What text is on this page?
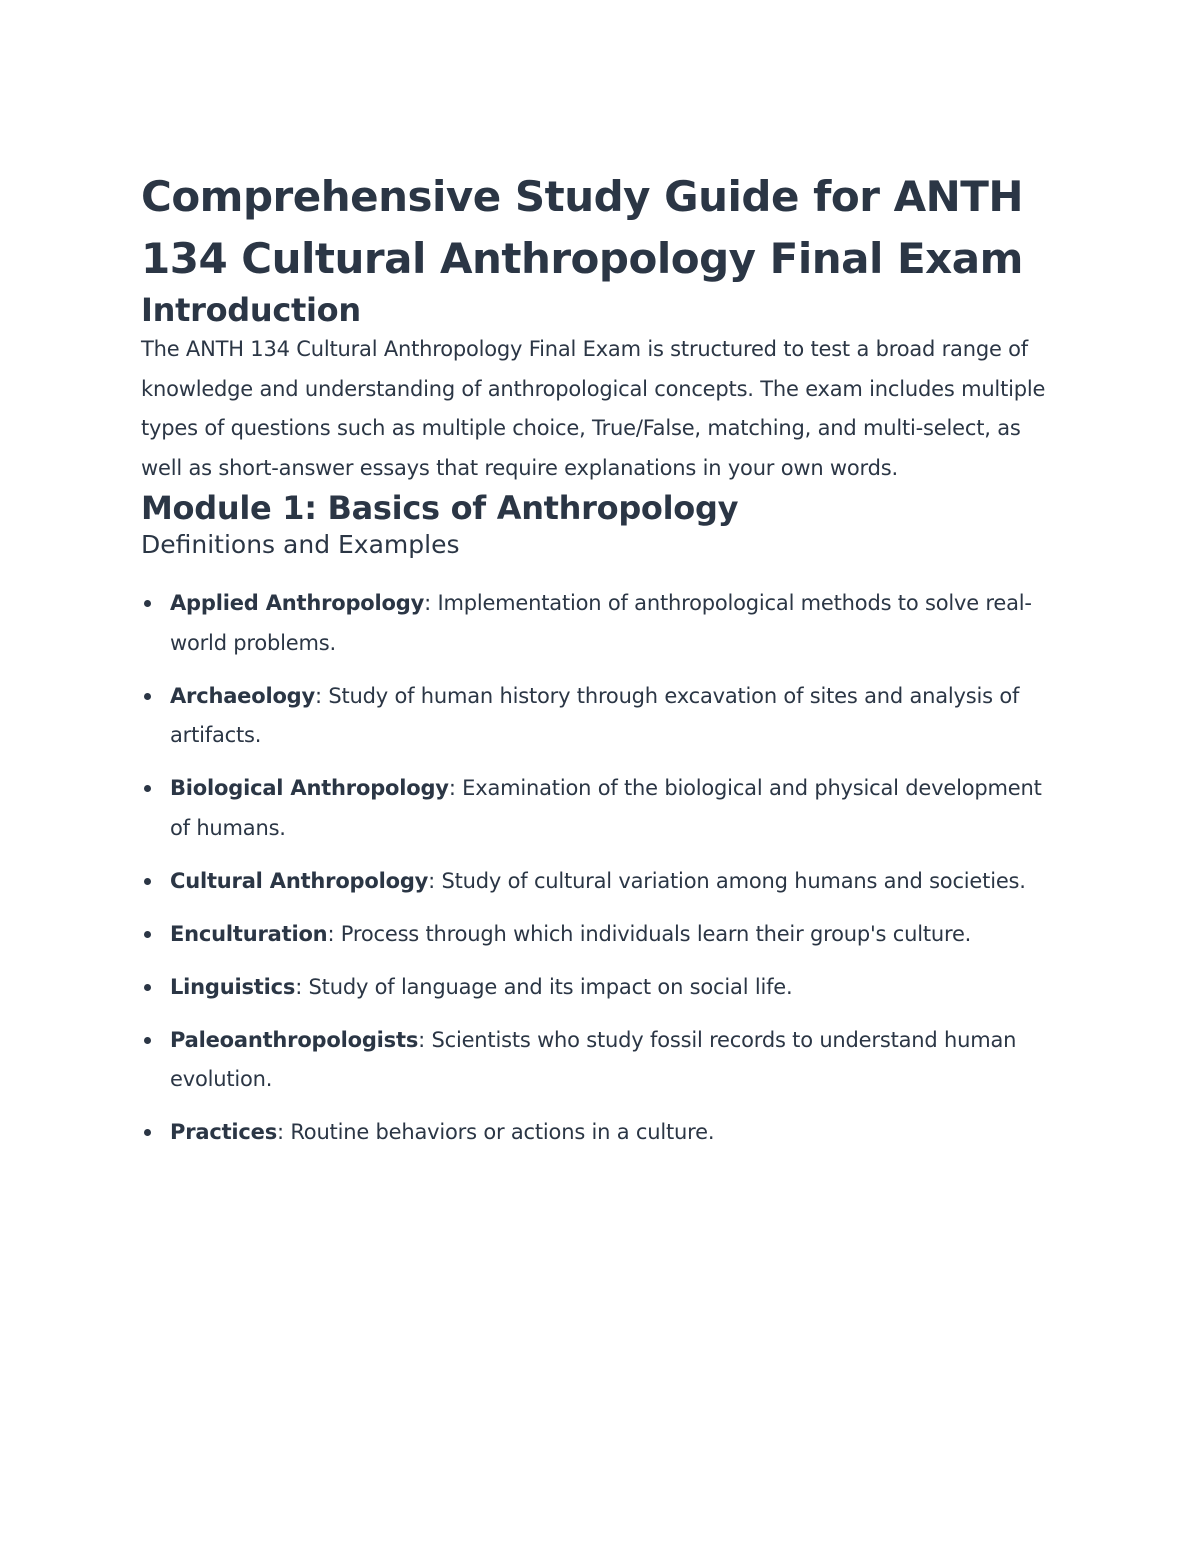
Comprehensive Study Guide for ANTH 134 Cultural Anthropology Final Exam
Introduction

The ANTH 134 Cultural Anthropology Final Exam is structured to test a broad range of knowledge and understanding of anthropological concepts. The exam includes multiple types of questions such as multiple choice, True/False, matching, and multi-select, as well as short-answer essays that require explanations in your own words.

Module 1: Basics of Anthropology
Definitions and Examples
Applied Anthropology: Implementation of anthropological methods to solve real-world problems.
Archaeology: Study of human history through excavation of sites and analysis of artifacts.
Biological Anthropology: Examination of the biological and physical development of humans.
Cultural Anthropology: Study of cultural variation among humans and societies.
Enculturation: Process through which individuals learn their group's culture.
Linguistics: Study of language and its impact on social life.
Paleoanthropologists: Scientists who study fossil records to understand human evolution.
Practices: Routine behaviors or actions in a culture.
